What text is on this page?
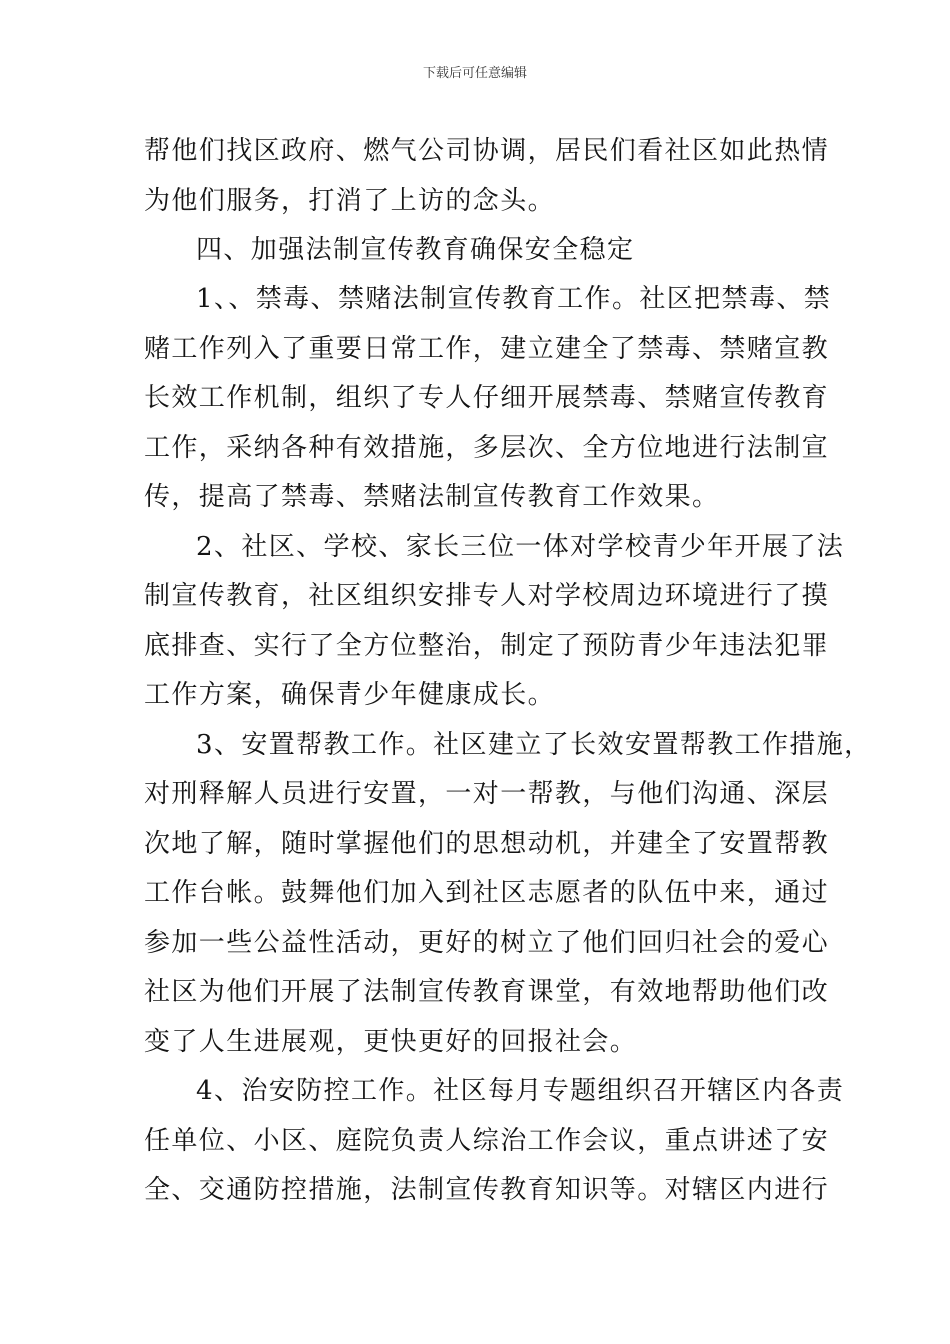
下载后可任意编辑
帮他们找区政府、燃气公司协调，居民们看社区如此热情
为他们服务，打消了上访的念头。
四、加强法制宣传教育确保安全稳定
1、、禁毒、禁赌法制宣传教育工作。社区把禁毒、禁
赌工作列入了重要日常工作，建立建全了禁毒、禁赌宣教
长效工作机制，组织了专人仔细开展禁毒、禁赌宣传教育
工作，采纳各种有效措施，多层次、全方位地进行法制宣
传，提高了禁毒、禁赌法制宣传教育工作效果。
2、社区、学校、家长三位一体对学校青少年开展了法
制宣传教育，社区组织安排专人对学校周边环境进行了摸
底排查、实行了全方位整治，制定了预防青少年违法犯罪
工作方案，确保青少年健康成长。
3、安置帮教工作。社区建立了长效安置帮教工作措施，
对刑释解人员进行安置，一对一帮教，与他们沟通、深层
次地了解，随时掌握他们的思想动机，并建全了安置帮教
工作台帐。鼓舞他们加入到社区志愿者的队伍中来，通过
参加一些公益性活动，更好的树立了他们回归社会的爱心
社区为他们开展了法制宣传教育课堂，有效地帮助他们改
变了人生进展观，更快更好的回报社会。
4、治安防控工作。社区每月专题组织召开辖区内各责
任单位、小区、庭院负责人综治工作会议，重点讲述了安
全、交通防控措施，法制宣传教育知识等。对辖区内进行
